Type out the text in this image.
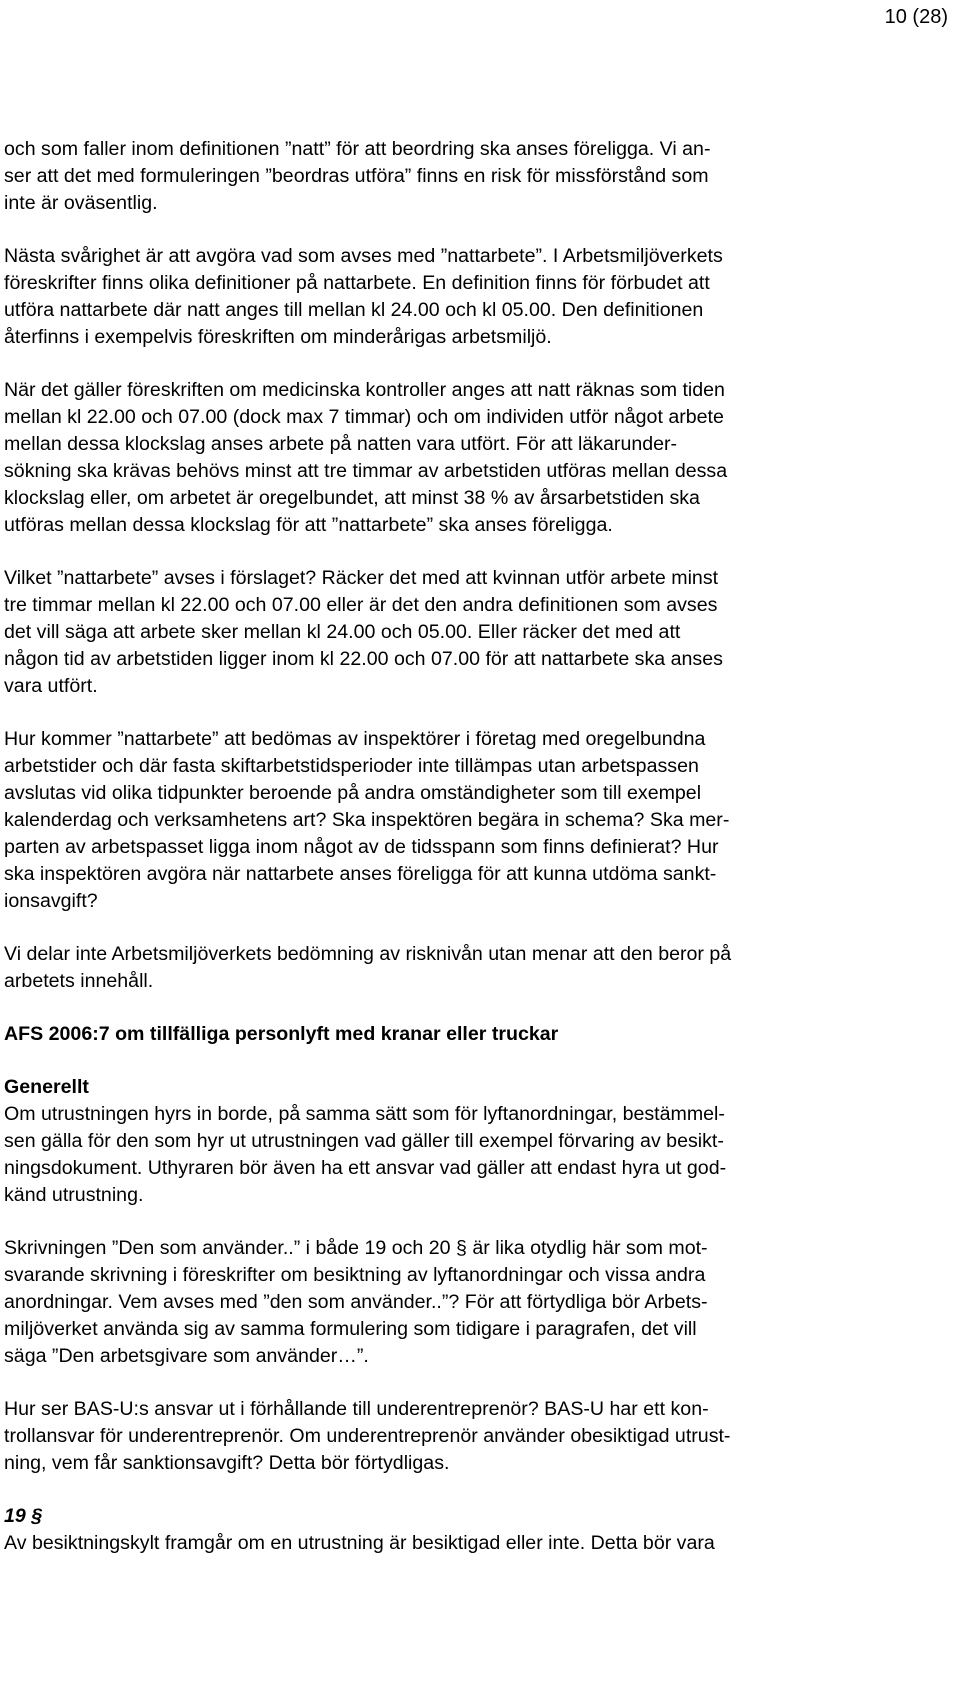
10 (28)

och som faller inom definitionen ”natt” för att beordring ska anses föreligga. Vi an-
ser att det med formuleringen ”beordras utföra” finns en risk för missförstånd som
inte är oväsentlig.

Nästa svårighet är att avgöra vad som avses med ”nattarbete”. I Arbetsmiljöverkets
föreskrifter finns olika definitioner på nattarbete. En definition finns för förbudet att
utföra nattarbete där natt anges till mellan kl 24.00 och kl 05.00. Den definitionen
återfinns i exempelvis föreskriften om minderårigas arbetsmiljö.

När det gäller föreskriften om medicinska kontroller anges att natt räknas som tiden
mellan kl 22.00 och 07.00 (dock max 7 timmar) och om individen utför något arbete
mellan dessa klockslag anses arbete på natten vara utfört. För att läkarunder-
sökning ska krävas behövs minst att tre timmar av arbetstiden utföras mellan dessa
klockslag eller, om arbetet är oregelbundet, att minst 38 % av årsarbetstiden ska
utföras mellan dessa klockslag för att ”nattarbete” ska anses föreligga.

Vilket ”nattarbete” avses i förslaget? Räcker det med att kvinnan utför arbete minst
tre timmar mellan kl 22.00 och 07.00 eller är det den andra definitionen som avses
det vill säga att arbete sker mellan kl 24.00 och 05.00. Eller räcker det med att
någon tid av arbetstiden ligger inom kl 22.00 och 07.00 för att nattarbete ska anses
vara utfört.

Hur kommer ”nattarbete” att bedömas av inspektörer i företag med oregelbundna
arbetstider och där fasta skiftarbetstidsperioder inte tillämpas utan arbetspassen
avslutas vid olika tidpunkter beroende på andra omständigheter som till exempel
kalenderdag och verksamhetens art? Ska inspektören begära in schema? Ska mer-
parten av arbetspasset ligga inom något av de tidsspann som finns definierat? Hur
ska inspektören avgöra när nattarbete anses föreligga för att kunna utdöma sankt-
ionsavgift?

Vi delar inte Arbetsmiljöverkets bedömning av risknivån utan menar att den beror på
arbetets innehåll.

AFS 2006:7 om tillfälliga personlyft med kranar eller truckar
Generellt

Om utrustningen hyrs in borde, på samma sätt som för lyftanordningar, bestämmel-
sen gälla för den som hyr ut utrustningen vad gäller till exempel förvaring av besikt-
ningsdokument. Uthyraren bör även ha ett ansvar vad gäller att endast hyra ut god-
känd utrustning.

Skrivningen ”Den som använder..” i både 19 och 20 § är lika otydlig här som mot-
svarande skrivning i föreskrifter om besiktning av lyftanordningar och vissa andra
anordningar. Vem avses med ”den som använder..”? För att förtydliga bör Arbets-
miljöverket använda sig av samma formulering som tidigare i paragrafen, det vill
säga ”Den arbetsgivare som använder…”.

Hur ser BAS-U:s ansvar ut i förhållande till underentreprenör? BAS-U har ett kon-
trollansvar för underentreprenör. Om underentreprenör använder obesiktigad utrust-
ning, vem får sanktionsavgift? Detta bör förtydligas.

19 §

Av besiktningskylt framgår om en utrustning är besiktigad eller inte. Detta bör vara
